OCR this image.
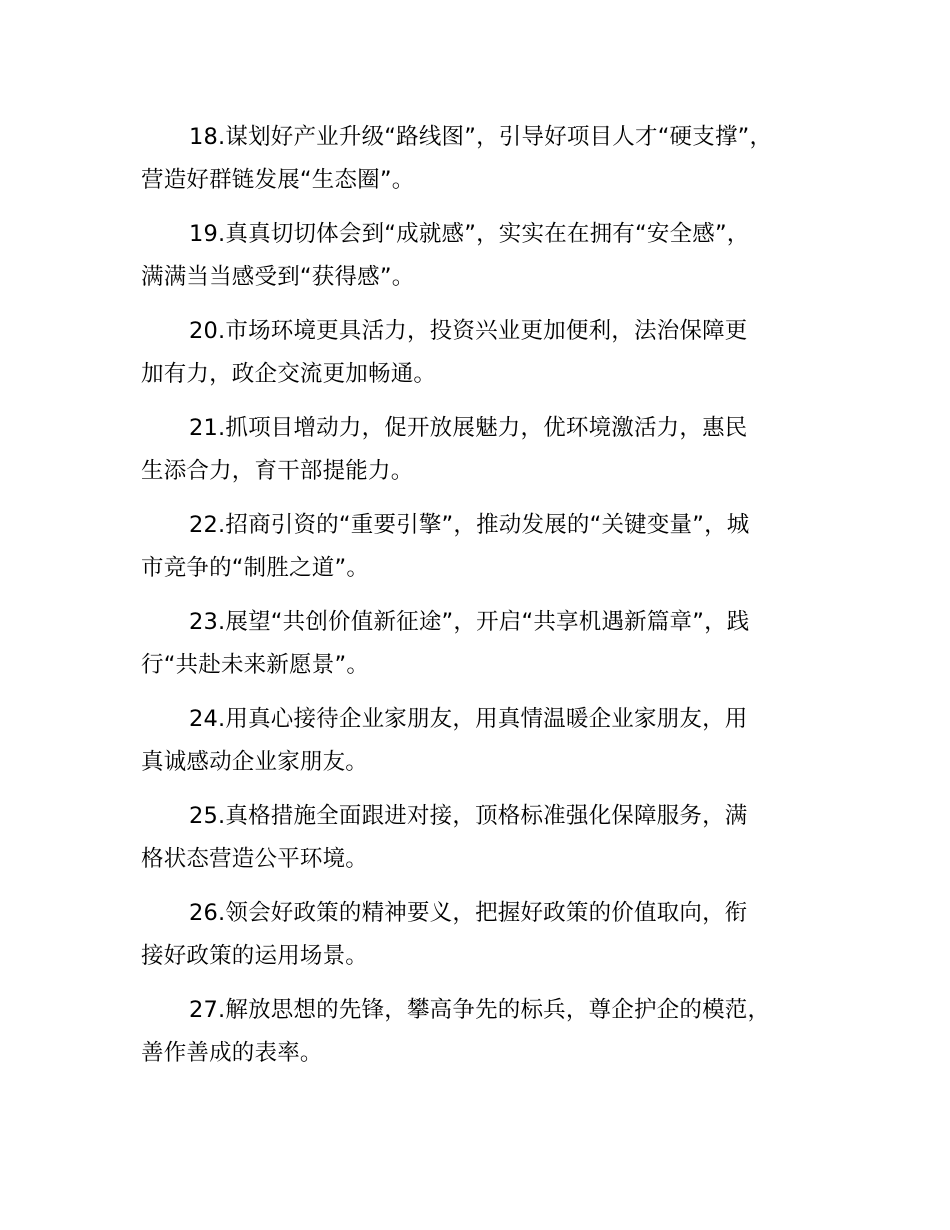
18.谋划好产业升级“路线图”，引导好项目人才“硬支撑”，
营造好群链发展“生态圈”。

19.真真切切体会到“成就感”，实实在在拥有“安全感”，
满满当当感受到“获得感”。

20.市场环境更具活力，投资兴业更加便利，法治保障更
加有力，政企交流更加畅通。

21.抓项目增动力，促开放展魅力，优环境激活力，惠民
生添合力，育干部提能力。

22.招商引资的“重要引擎”，推动发展的“关键变量”，城
市竞争的“制胜之道”。

23.展望“共创价值新征途”，开启“共享机遇新篇章”，践
行“共赴未来新愿景”。

24.用真心接待企业家朋友，用真情温暖企业家朋友，用
真诚感动企业家朋友。

25.真格措施全面跟进对接，顶格标准强化保障服务，满
格状态营造公平环境。

26.领会好政策的精神要义，把握好政策的价值取向，衔
接好政策的运用场景。

27.解放思想的先锋，攀高争先的标兵，尊企护企的模范，
善作善成的表率。
